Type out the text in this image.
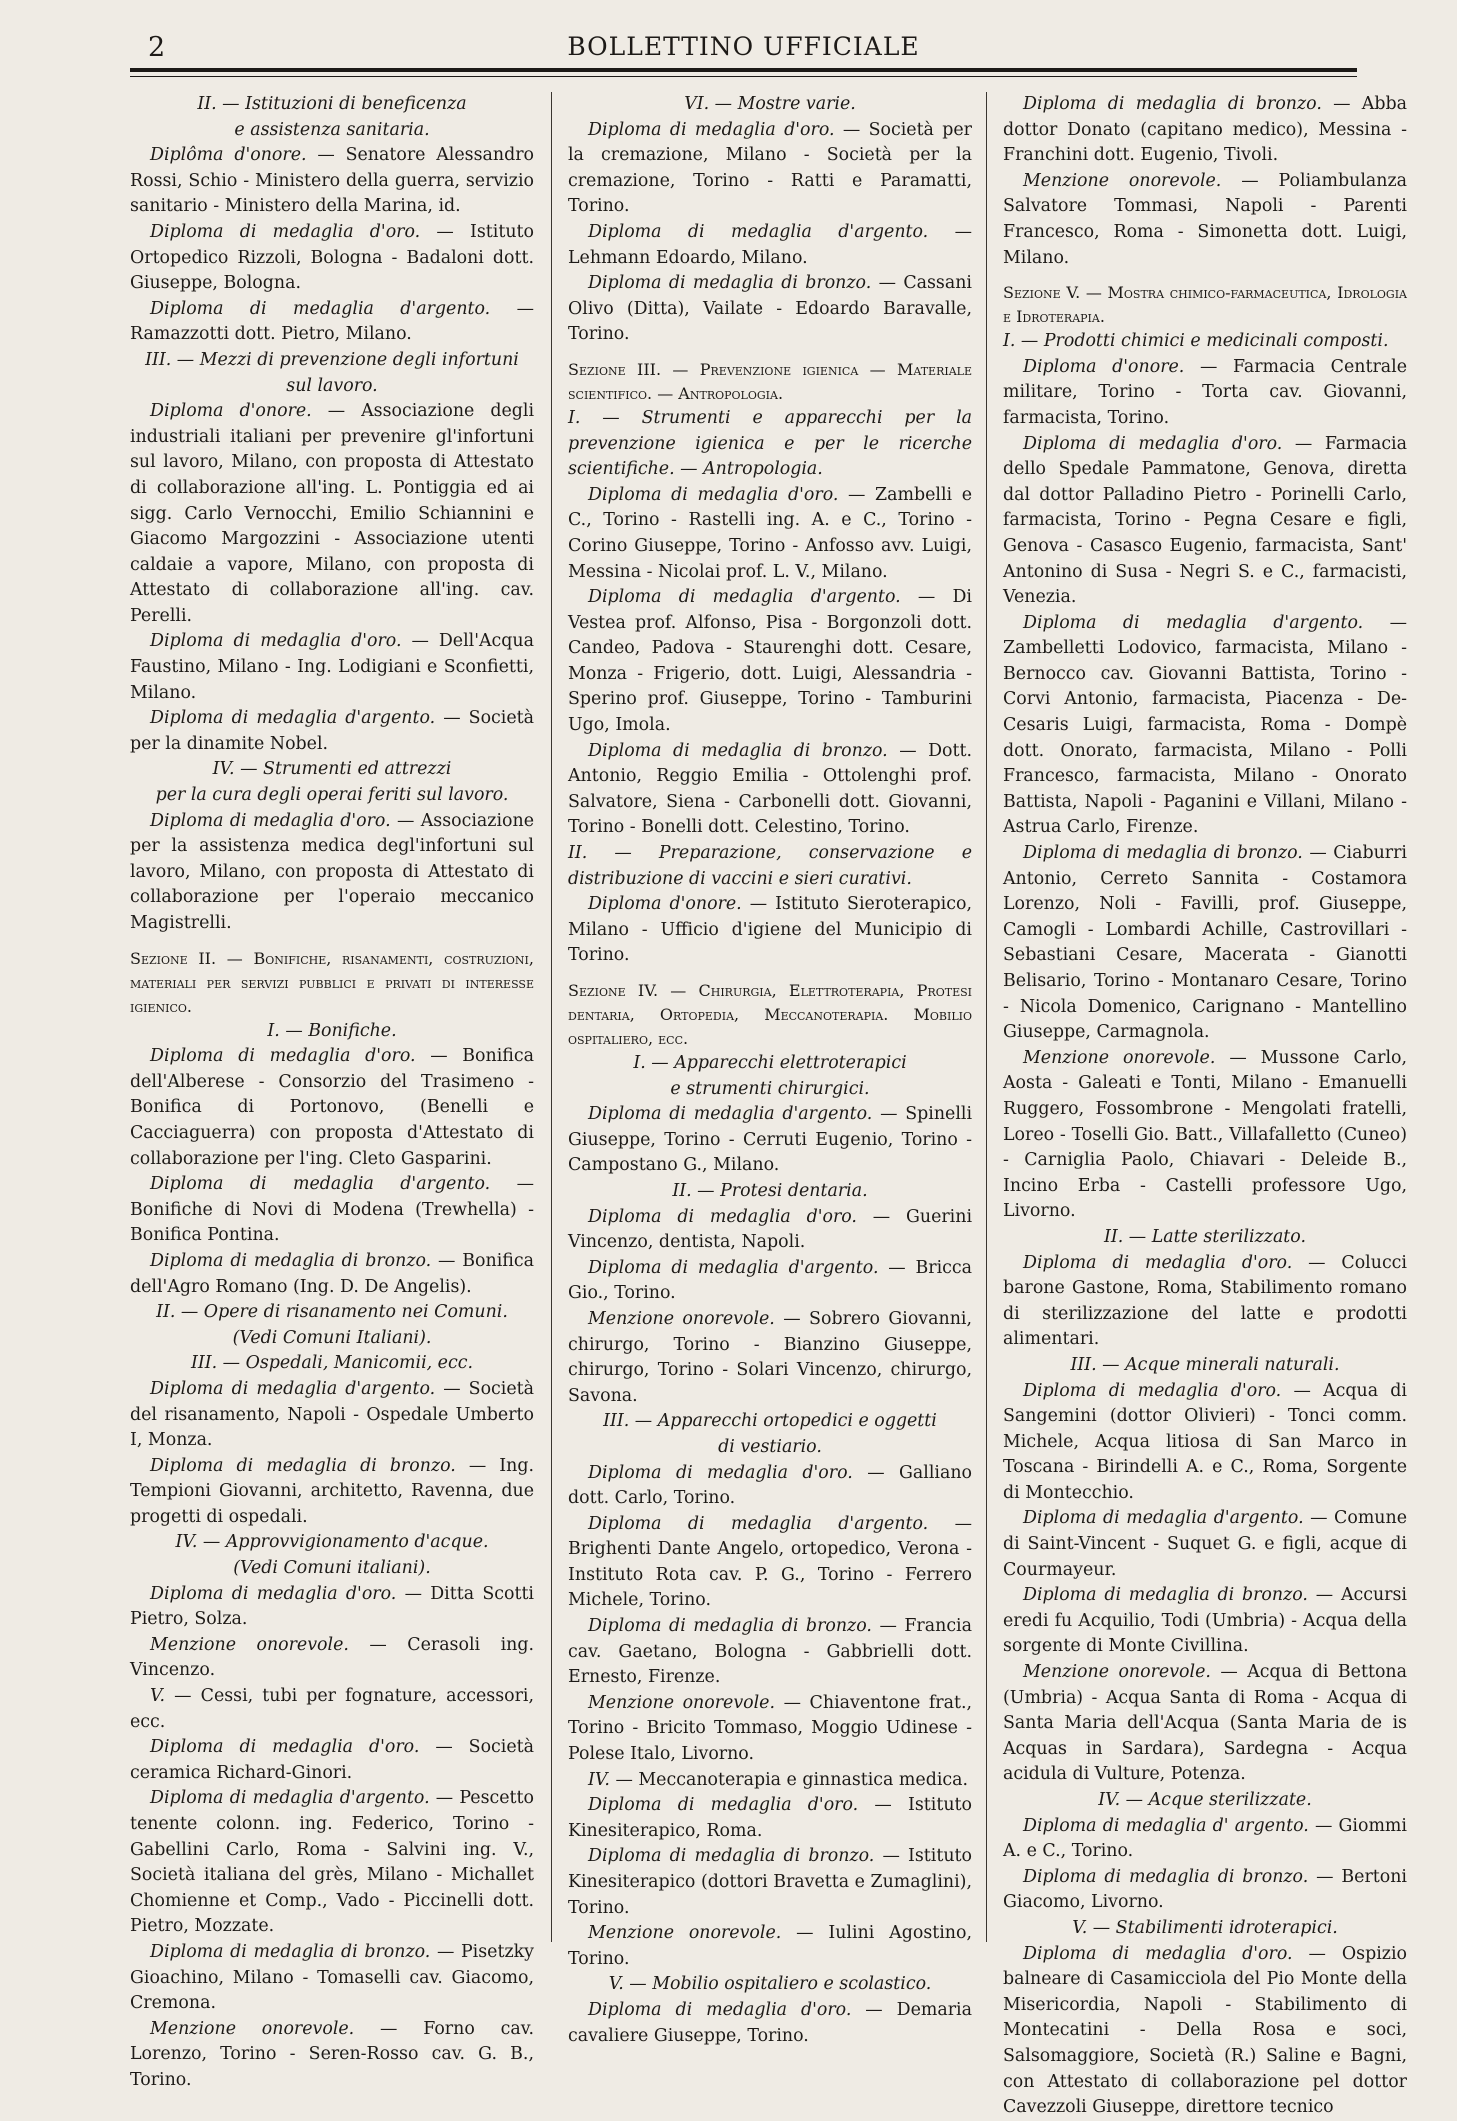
2	BOLLETTINO UFFICIALE

II. — Istituzioni di beneficenza

e assistenza sanitaria.

Diplôma d'onore. — Senatore Alessandro Rossi, Schio - Ministero della guerra, servizio sanitario - Ministero della Marina, id.

Diploma di medaglia d'oro. — Istituto Ortopedico Rizzoli, Bologna - Badaloni dott. Giuseppe, Bologna.

Diploma di medaglia d'argento. — Ramazzotti dott. Pietro, Milano.

III. — Mezzi di prevenzione degli infortuni sul lavoro.

Diploma d'onore. — Associazione degli industriali italiani per prevenire gl'infortuni sul lavoro, Milano, con proposta di Attestato di collaborazione all'ing. L. Pontiggia ed ai sigg. Carlo Vernocchi, Emilio Schiannini e Giacomo Margozzini - Associazione utenti caldaie a vapore, Milano, con proposta di Attestato di collaborazione all'ing. cav. Perelli.

Diploma di medaglia d'oro. — Dell'Acqua Faustino, Milano - Ing. Lodigiani e Sconfietti, Milano.

Diploma di medaglia d'argento. — Società per la dinamite Nobel.

IV. — Strumenti ed attrezzi

per la cura degli operai feriti sul lavoro.

Diploma di medaglia d'oro. — Associazione per la assistenza medica degl'infortuni sul lavoro, Milano, con proposta di Attestato di collaborazione per l'operaio meccanico Magistrelli.

Sezione II. — Bonifiche, risanamenti, costruzioni, materiali per servizi pubblici e privati di interesse igienico.

I. — Bonifiche.

Diploma di medaglia d'oro. — Bonifica dell'Alberese - Consorzio del Trasimeno - Bonifica di Portonovo, (Benelli e Cacciaguerra) con proposta d'Attestato di collaborazione per l'ing. Cleto Gasparini.

Diploma di medaglia d'argento. — Bonifiche di Novi di Modena (Trewhella) - Bonifica Pontina.

Diploma di medaglia di bronzo. — Bonifica dell'Agro Romano (Ing. D. De Angelis).

II. — Opere di risanamento nei Comuni.

(Vedi Comuni Italiani).

III. — Ospedali, Manicomii, ecc.

Diploma di medaglia d'argento. — Società del risanamento, Napoli - Ospedale Umberto I, Monza.

Diploma di medaglia di bronzo. — Ing. Tempioni Giovanni, architetto, Ravenna, due progetti di ospedali.

IV. — Approvvigionamento d'acque.

(Vedi Comuni italiani).

Diploma di medaglia d'oro. — Ditta Scotti Pietro, Solza.

Menzione onorevole. — Cerasoli ing. Vincenzo.

V. — Cessi, tubi per fognature, accessori, ecc.

Diploma di medaglia d'oro. — Società ceramica Richard-Ginori.

Diploma di medaglia d'argento. — Pescetto tenente colonn. ing. Federico, Torino - Gabellini Carlo, Roma - Salvini ing. V., Società italiana del grès, Milano - Michallet Chomienne et Comp., Vado - Piccinelli dott. Pietro, Mozzate.

Diploma di medaglia di bronzo. — Pisetzky Gioachino, Milano - Tomaselli cav. Giacomo, Cremona.

Menzione onorevole. — Forno cav. Lorenzo, Torino - Seren-Rosso cav. G. B., Torino.

VI. — Mostre varie.

Diploma di medaglia d'oro. — Società per la cremazione, Milano - Società per la cremazione, Torino - Ratti e Paramatti, Torino.

Diploma di medaglia d'argento. — Lehmann Edoardo, Milano.

Diploma di medaglia di bronzo. — Cassani Olivo (Ditta), Vailate - Edoardo Baravalle, Torino.

Sezione III. — Prevenzione igienica — Materiale scientifico. — Antropologia.

I. — Strumenti e apparecchi per la prevenzione igienica e per le ricerche scientifiche. — Antropologia.

Diploma di medaglia d'oro. — Zambelli e C., Torino - Rastelli ing. A. e C., Torino - Corino Giuseppe, Torino - Anfosso avv. Luigi, Messina - Nicolai prof. L. V., Milano.

Diploma di medaglia d'argento. — Di Vestea prof. Alfonso, Pisa - Borgonzoli dott. Candeo, Padova - Staurenghi dott. Cesare, Monza - Frigerio, dott. Luigi, Alessandria - Sperino prof. Giuseppe, Torino - Tamburini Ugo, Imola.

Diploma di medaglia di bronzo. — Dott. Antonio, Reggio Emilia - Ottolenghi prof. Salvatore, Siena - Carbonelli dott. Giovanni, Torino - Bonelli dott. Celestino, Torino.

II. — Preparazione, conservazione e distribuzione di vaccini e sieri curativi.

Diploma d'onore. — Istituto Sieroterapico, Milano - Ufficio d'igiene del Municipio di Torino.

Sezione IV. — Chirurgia, Elettroterapia, Protesi dentaria, Ortopedia, Meccanoterapia. Mobilio ospitaliero, ecc.

I. — Apparecchi elettroterapici

e strumenti chirurgici.

Diploma di medaglia d'argento. — Spinelli Giuseppe, Torino - Cerruti Eugenio, Torino - Campostano G., Milano.

II. — Protesi dentaria.

Diploma di medaglia d'oro. — Guerini Vincenzo, dentista, Napoli.

Diploma di medaglia d'argento. — Bricca Gio., Torino.

Menzione onorevole. — Sobrero Giovanni, chirurgo, Torino - Bianzino Giuseppe, chirurgo, Torino - Solari Vincenzo, chirurgo, Savona.

III. — Apparecchi ortopedici e oggetti

di vestiario.

Diploma di medaglia d'oro. — Galliano dott. Carlo, Torino.

Diploma di medaglia d'argento. — Brighenti Dante Angelo, ortopedico, Verona - Instituto Rota cav. P. G., Torino - Ferrero Michele, Torino.

Diploma di medaglia di bronzo. — Francia cav. Gaetano, Bologna - Gabbrielli dott. Ernesto, Firenze.

Menzione onorevole. — Chiaventone frat., Torino - Bricito Tommaso, Moggio Udinese - Polese Italo, Livorno.

IV. — Meccanoterapia e ginnastica medica.

Diploma di medaglia d'oro. — Istituto Kinesiterapico, Roma.

Diploma di medaglia di bronzo. — Istituto Kinesiterapico (dottori Bravetta e Zumaglini), Torino.

Menzione onorevole. — Iulini Agostino, Torino.

V. — Mobilio ospitaliero e scolastico.

Diploma di medaglia d'oro. — Demaria cavaliere Giuseppe, Torino.

Diploma di medaglia di bronzo. — Abba dottor Donato (capitano medico), Messina - Franchini dott. Eugenio, Tivoli.

Menzione onorevole. — Poliambulanza Salvatore Tommasi, Napoli - Parenti Francesco, Roma - Simonetta dott. Luigi, Milano.

Sezione V. — Mostra chimico-farmaceutica, Idrologia e Idroterapia.

I. — Prodotti chimici e medicinali composti.

Diploma d'onore. — Farmacia Centrale militare, Torino - Torta cav. Giovanni, farmacista, Torino.

Diploma di medaglia d'oro. — Farmacia dello Spedale Pammatone, Genova, diretta dal dottor Palladino Pietro - Porinelli Carlo, farmacista, Torino - Pegna Cesare e figli, Genova - Casasco Eugenio, farmacista, Sant' Antonino di Susa - Negri S. e C., farmacisti, Venezia.

Diploma di medaglia d'argento. — Zambelletti Lodovico, farmacista, Milano - Bernocco cav. Giovanni Battista, Torino - Corvi Antonio, farmacista, Piacenza - De-Cesaris Luigi, farmacista, Roma - Dompè dott. Onorato, farmacista, Milano - Polli Francesco, farmacista, Milano - Onorato Battista, Napoli - Paganini e Villani, Milano - Astrua Carlo, Firenze.

Diploma di medaglia di bronzo. — Ciaburri Antonio, Cerreto Sannita - Costamora Lorenzo, Noli - Favilli, prof. Giuseppe, Camogli - Lombardi Achille, Castrovillari - Sebastiani Cesare, Macerata - Gianotti Belisario, Torino - Montanaro Cesare, Torino - Nicola Domenico, Carignano - Mantellino Giuseppe, Carmagnola.

Menzione onorevole. — Mussone Carlo, Aosta - Galeati e Tonti, Milano - Emanuelli Ruggero, Fossombrone - Mengolati fratelli, Loreo - Toselli Gio. Batt., Villafalletto (Cuneo) - Carniglia Paolo, Chiavari - Deleide B., Incino Erba - Castelli professore Ugo, Livorno.

II. — Latte sterilizzato.

Diploma di medaglia d'oro. — Colucci barone Gastone, Roma, Stabilimento romano di sterilizzazione del latte e prodotti alimentari.

III. — Acque minerali naturali.

Diploma di medaglia d'oro. — Acqua di Sangemini (dottor Olivieri) - Tonci comm. Michele, Acqua litiosa di San Marco in Toscana - Birindelli A. e C., Roma, Sorgente di Montecchio.

Diploma di medaglia d'argento. — Comune di Saint-Vincent - Suquet G. e figli, acque di Courmayeur.

Diploma di medaglia di bronzo. — Accursi eredi fu Acquilio, Todi (Umbria) - Acqua della sorgente di Monte Civillina.

Menzione onorevole. — Acqua di Bettona (Umbria) - Acqua Santa di Roma - Acqua di Santa Maria dell'Acqua (Santa Maria de is Acquas in Sardara), Sardegna - Acqua acidula di Vulture, Potenza.

IV. — Acque sterilizzate.

Diploma di medaglia d' argento. — Giommi A. e C., Torino.

Diploma di medaglia di bronzo. — Bertoni Giacomo, Livorno.

V. — Stabilimenti idroterapici.

Diploma di medaglia d'oro. — Ospizio balneare di Casamicciola del Pio Monte della Misericordia, Napoli - Stabilimento di Montecatini - Della Rosa e soci, Salsomaggiore, Società (R.) Saline e Bagni, con Attestato di collaborazione pel dottor Cavezzoli Giuseppe, direttore tecnico
